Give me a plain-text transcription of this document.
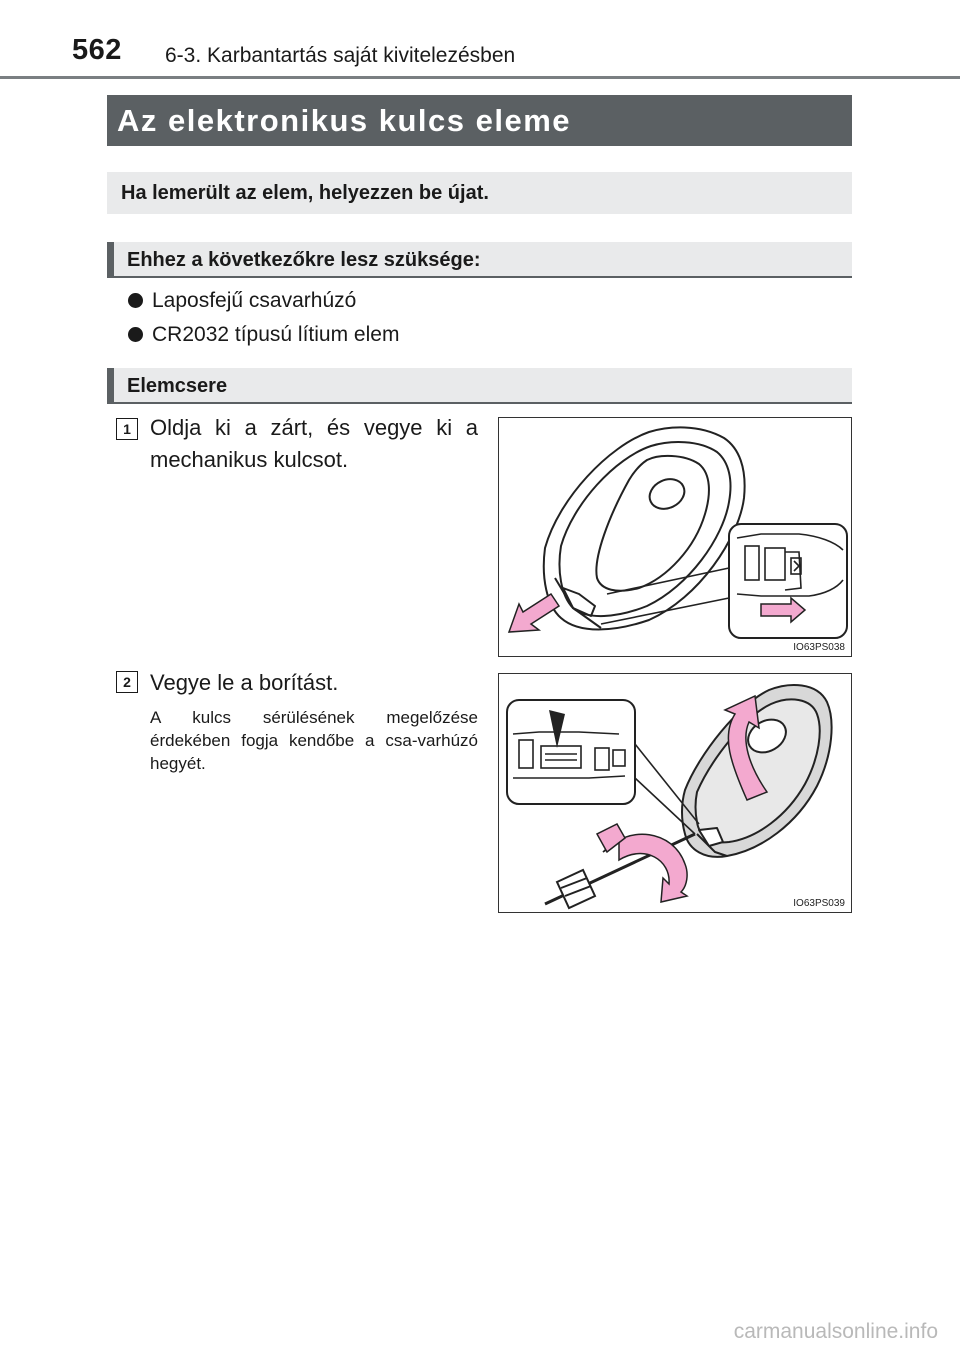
562 6-3. Karbantartás saját kivitelezésben
Az elektronikus kulcs eleme
Ha lemerült az elem, helyezzen be újat.
Ehhez a következőkre lesz szüksége:
Laposfejű csavarhúzó
CR2032 típusú lítium elem
Elemcsere
1 Oldja ki a zárt, és vegye ki a mechanikus kulcsot.
IO63PS038
2 Vegye le a borítást.
A kulcs sérülésének megelőzése érdekében fogja kendőbe a csa-varhúzó hegyét.
IO63PS039
carmanualsonline.info
